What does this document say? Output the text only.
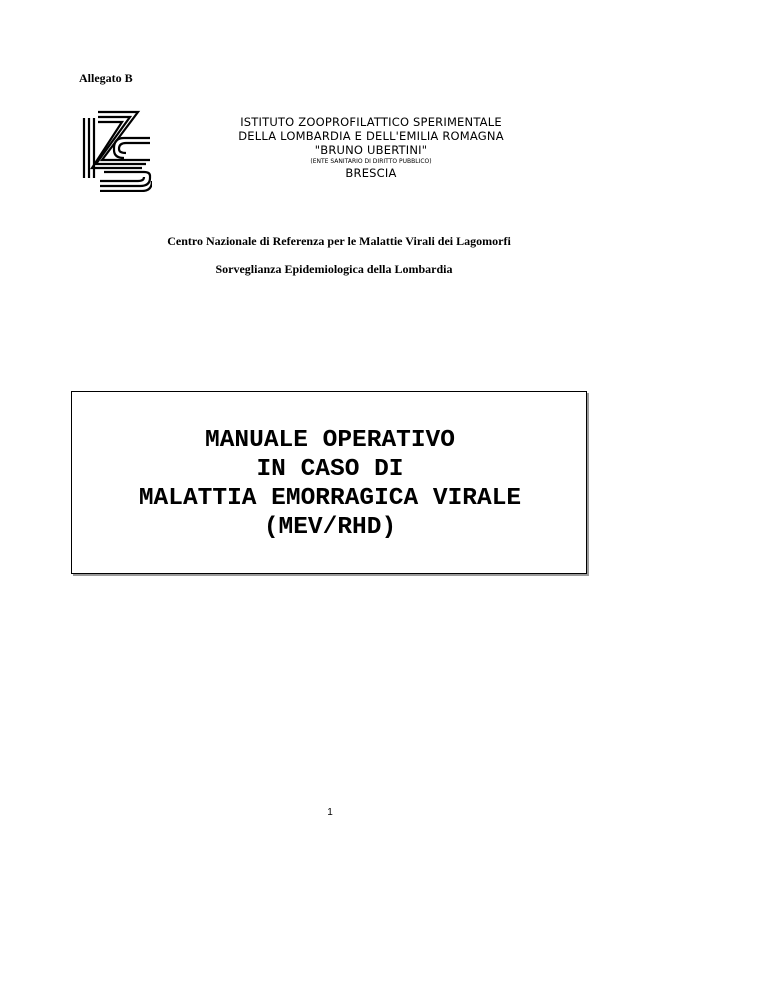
Allegato B
ISTITUTO ZOOPROFILATTICO SPERIMENTALE
DELLA LOMBARDIA E DELL'EMILIA ROMAGNA
"BRUNO UBERTINI"
(ENTE SANITARIO DI DIRITTO PUBBLICO)
BRESCIA
Centro Nazionale di Referenza per le Malattie Virali dei Lagomorfi
Sorveglianza Epidemiologica della Lombardia
MANUALE OPERATIVO
IN CASO DI
MALATTIA EMORRAGICA VIRALE
(MEV/RHD)
1
